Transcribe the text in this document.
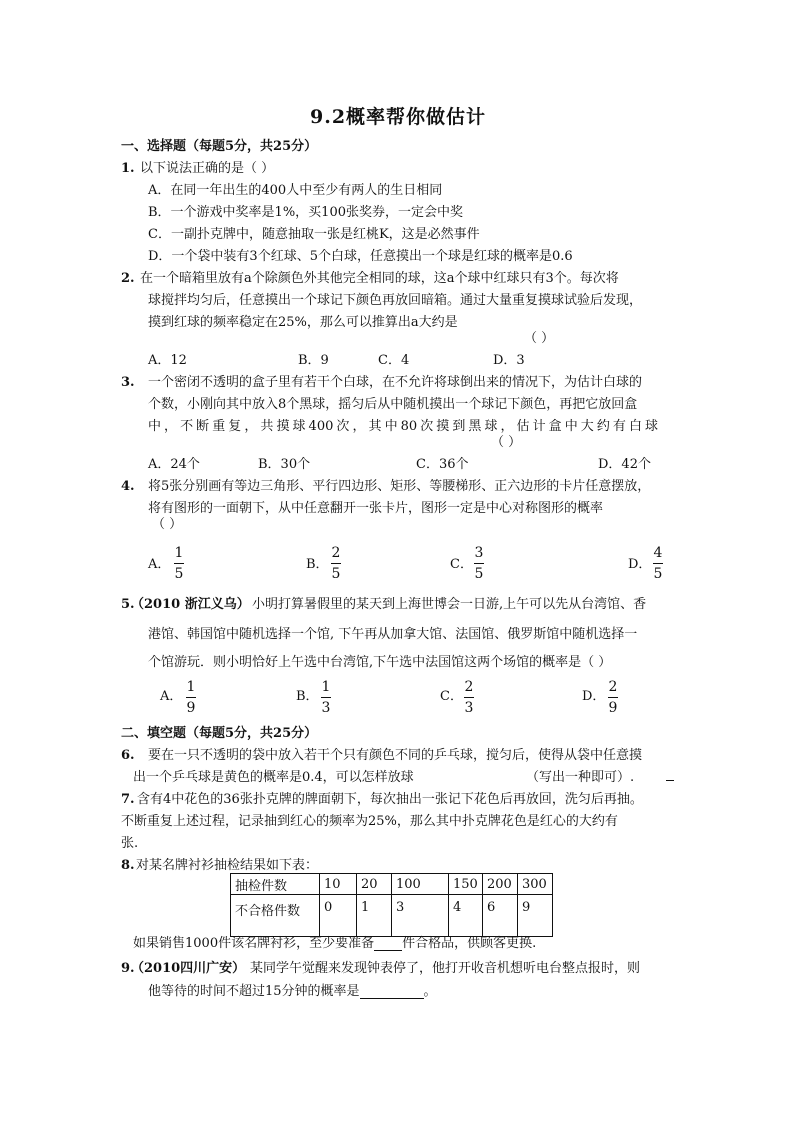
9.2概率帮你做估计
一、选择题（每题5分，共25分）
1. 以下说法正确的是（ ）
A．在同一年出生的400人中至少有两人的生日相同
B．一个游戏中奖率是1%，买100张奖券，一定会中奖
C．一副扑克牌中，随意抽取一张是红桃K，这是必然事件
D．一个袋中装有3个红球、5个白球，任意摸出一个球是红球的概率是0.6
2. 在一个暗箱里放有a个除颜色外其他完全相同的球，这a个球中红球只有3个。每次将
球搅拌均匀后，任意摸出一个球记下颜色再放回暗箱。通过大量重复摸球试验后发现，
摸到红球的频率稳定在25%，那么可以推算出a大约是
（ ）
A．12	B．9	C．4	D．3
3. 一个密闭不透明的盒子里有若干个白球，在不允许将球倒出来的情况下，为估计白球的
个数，小刚向其中放入8个黑球，摇匀后从中随机摸出一个球记下颜色，再把它放回盒
中，不断重复，共摸球400次，其中80次摸到黑球，估计盒中大约有白球
（ ）
A．24个	B．30个	C．36个	D．42个
4. 将5张分别画有等边三角形、平行四边形、矩形、等腰梯形、正六边形的卡片任意摆放，
将有图形的一面朝下，从中任意翻开一张卡片，图形一定是中心对称图形的概率
（ ）
A．
1
5
B．
2
5
C．
3
5
D．
4
5
5.
（2010 浙江义乌） 小明打算暑假里的某天到上海世博会一日游,上午可以先从台湾馆、香
港馆、韩国馆中随机选择一个馆, 下午再从加拿大馆、法国馆、俄罗斯馆中随机选择一
个馆游玩．则小明恰好上午选中台湾馆,下午选中法国馆这两个场馆的概率是（ ）
A．
1
9
B．
1
3
C．
2
3
D．
2
9
二、填空题（每题5分，共25分）
6. 要在一只不透明的袋中放入若干个只有颜色不同的乒乓球，搅匀后，使得从袋中任意摸
出一个乒乓球是黄色的概率是0.4，可以怎样放球	（写出一种即可）.
7. 含有4中花色的36张扑克牌的牌面朝下，每次抽出一张记下花色后再放回，洗匀后再抽。
不断重复上述过程，记录抽到红心的频率为25%，那么其中扑克牌花色是红心的大约有
张.
8. 对某名牌衬衫抽检结果如下表：
抽检件数	10	20	100	150	200	300
不合格件数	0	1	3	4	6	9
如果销售1000件该名牌衬衫，至少要准备 件合格品，供顾客更换.
9.
（2010四川广安） 某同学午觉醒来发现钟表停了，他打开收音机想听电台整点报时，则
他等待的时间不超过15分钟的概率是	。
